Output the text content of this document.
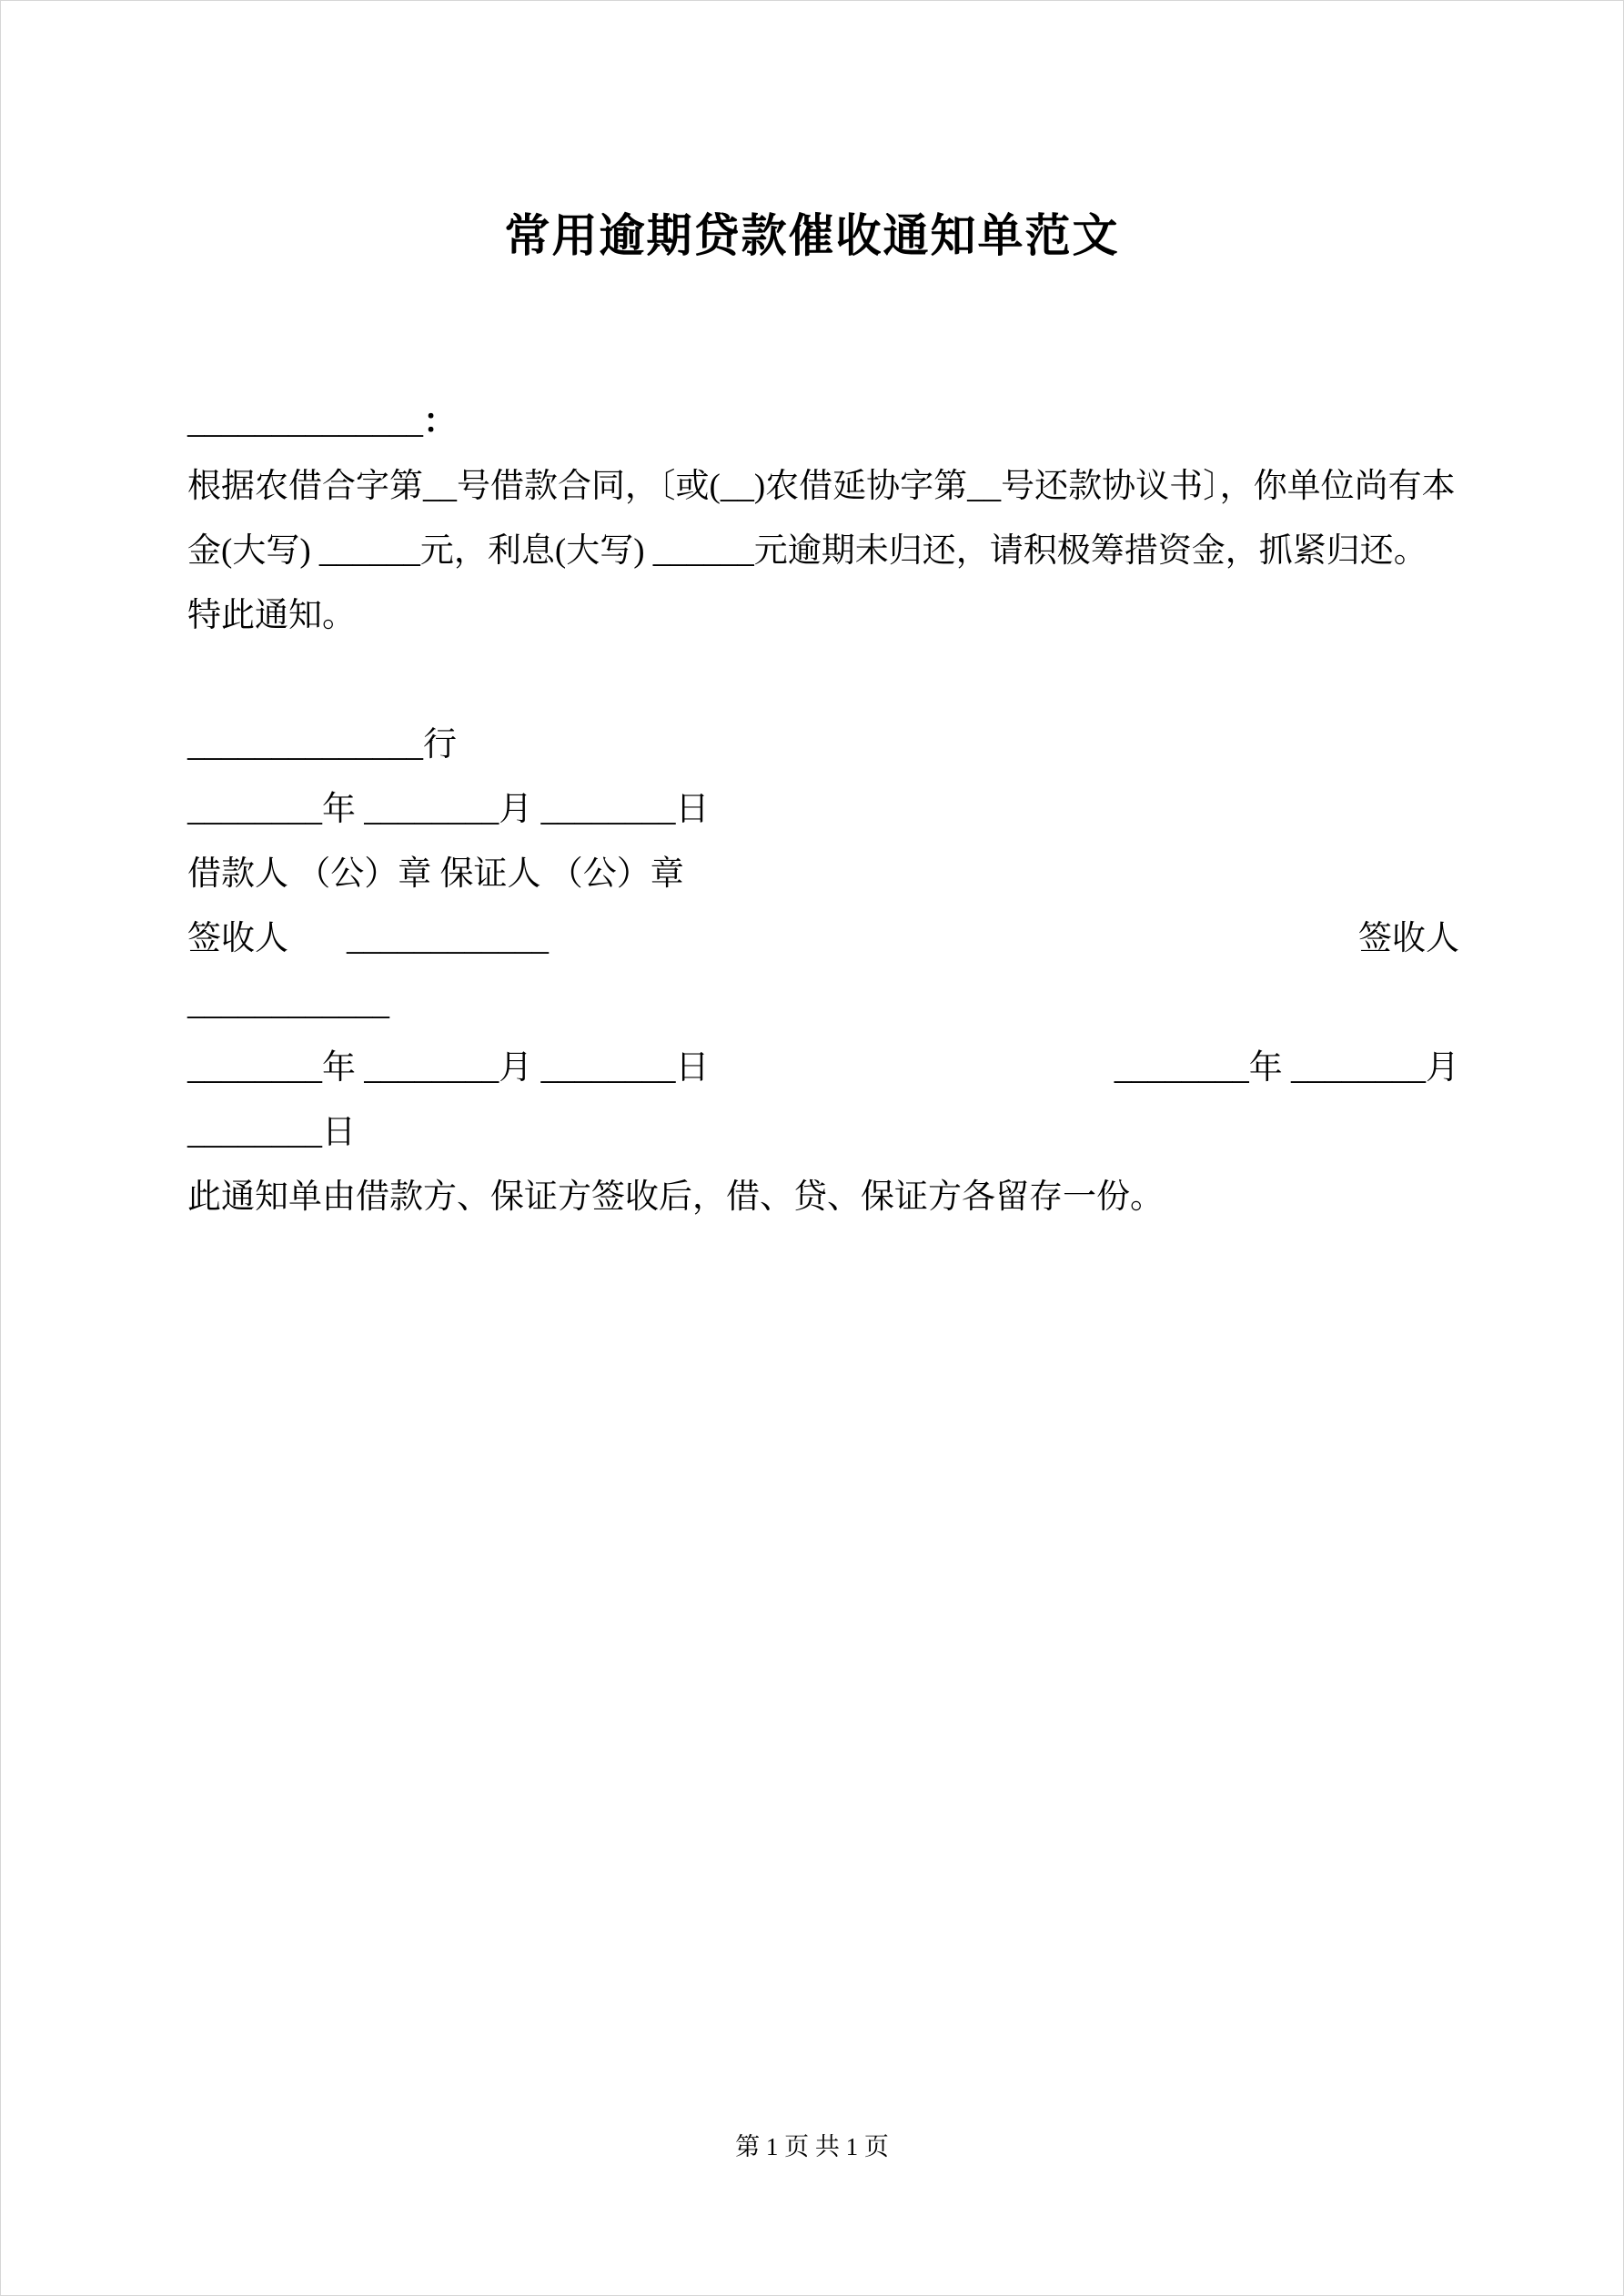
常用逾期贷款催收通知单范文
______________：
根据农借合字第__号借款合同，〔或(__)农借延协字第__号还款协议书〕，你单位尚有本
金(大写) ______元，利息(大写) ______元逾期未归还，请积极筹措资金，抓紧归还。
特此通知。
______________行
________年 ________月 ________日
借款人 （公）章 保证人 （公）章
签收人 ____________	签收人
____________
________年 ________月 ________日	________年 ________月
________日
此通知单由借款方、保证方签收后，借、贷、保证方各留存一份。
第 1 页 共 1 页
